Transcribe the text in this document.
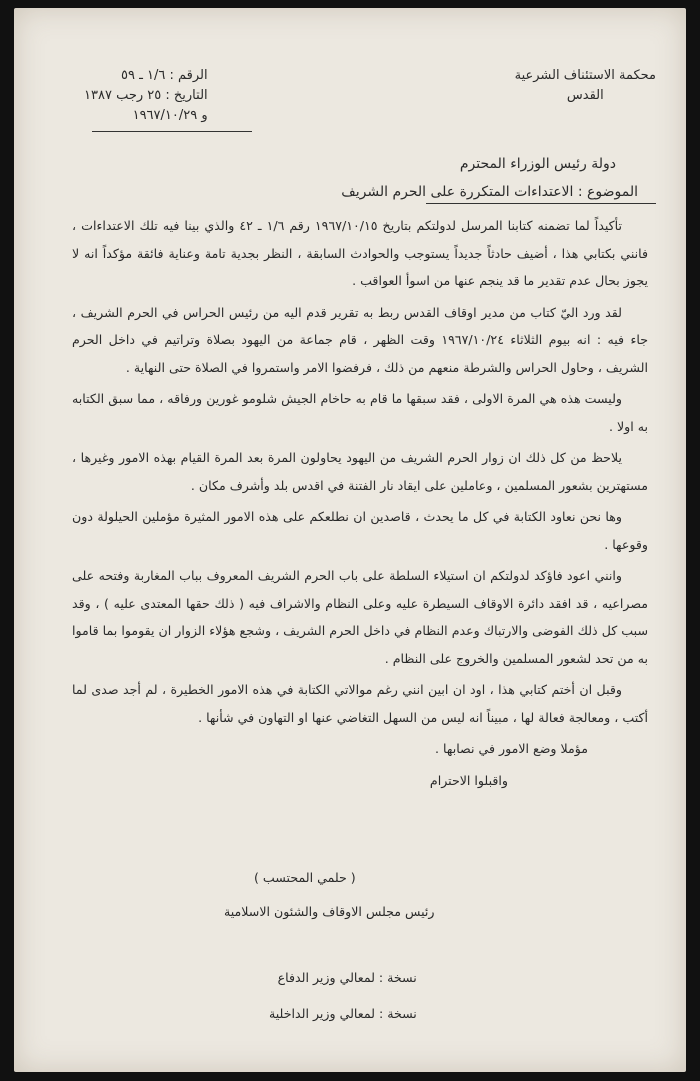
محكمة الاستئناف الشرعية
القدس
الرقم : ١/٦ ـ ٥٩
التاريخ : ٢٥ رجب ١٣٨٧
و ١٩٦٧/١٠/٢٩
دولة رئيس الوزراء المحترم
الموضوع : الاعتداءات المتكررة على الحرم الشريف

تأكيداً لما تضمنه كتابنا المرسل لدولتكم بتاريخ ١٩٦٧/١٠/١٥ رقم ١/٦ ـ ٤٢ والذي بينا فيه تلك الاعتداءات ، فانني بكتابي هذا ، أضيف حادثاً جديداً يستوجب والحوادث السابقة ، النظر بجدية تامة وعناية فائقة مؤكداً انه لا يجوز بحال عدم تقدير ما قد ينجم عنها من اسوأ العواقب .

لقد ورد اليّ كتاب من مدير اوقاف القدس ربط به تقرير قدم اليه من رئيس الحراس في الحرم الشريف ، جاء فيه : انه بيوم الثلاثاء ١٩٦٧/١٠/٢٤ وقت الظهر ، قام جماعة من اليهود بصلاة وتراتيم في داخل الحرم الشريف ، وحاول الحراس والشرطة منعهم من ذلك ، فرفضوا الامر واستمروا في الصلاة حتى النهاية .

وليست هذه هي المرة الاولى ، فقد سبقها ما قام به حاخام الجيش شلومو غورين ورفاقه ، مما سبق الكتابه به اولا .

يلاحظ من كل ذلك ان زوار الحرم الشريف من اليهود يحاولون المرة بعد المرة القيام بهذه الامور وغيرها ، مستهترين بشعور المسلمين ، وعاملين على ايقاد نار الفتنة في اقدس بلد وأشرف مكان .

وها نحن نعاود الكتابة في كل ما يحدث ، قاصدين ان نطلعكم على هذه الامور المثيرة مؤملين الحيلولة دون وقوعها .

وانني اعود فاؤكد لدولتكم ان استيلاء السلطة على باب الحرم الشريف المعروف بباب المغاربة وفتحه على مصراعيه ، قد افقد دائرة الاوقاف السيطرة عليه وعلى النظام والاشراف فيه ( ذلك حقها المعتدى عليه ) ، وقد سبب كل ذلك الفوضى والارتباك وعدم النظام في داخل الحرم الشريف ، وشجع هؤلاء الزوار ان يقوموا بما قاموا به من تحد لشعور المسلمين والخروج على النظام .

وقبل ان أختم كتابي هذا ، اود ان ابين انني رغم موالاتي الكتابة في هذه الامور الخطيرة ، لم أجد صدى لما أكتب ، ومعالجة فعالة لها ، مبيناً انه ليس من السهل التغاضي عنها او التهاون في شأنها .

مؤملا وضع الامور في نصابها .

واقبلوا الاحترام

( حلمي المحتسب )
رئيس مجلس الاوقاف والشئون الاسلامية
نسخة : لمعالي وزير الدفاع
نسخة : لمعالي وزير الداخلية
